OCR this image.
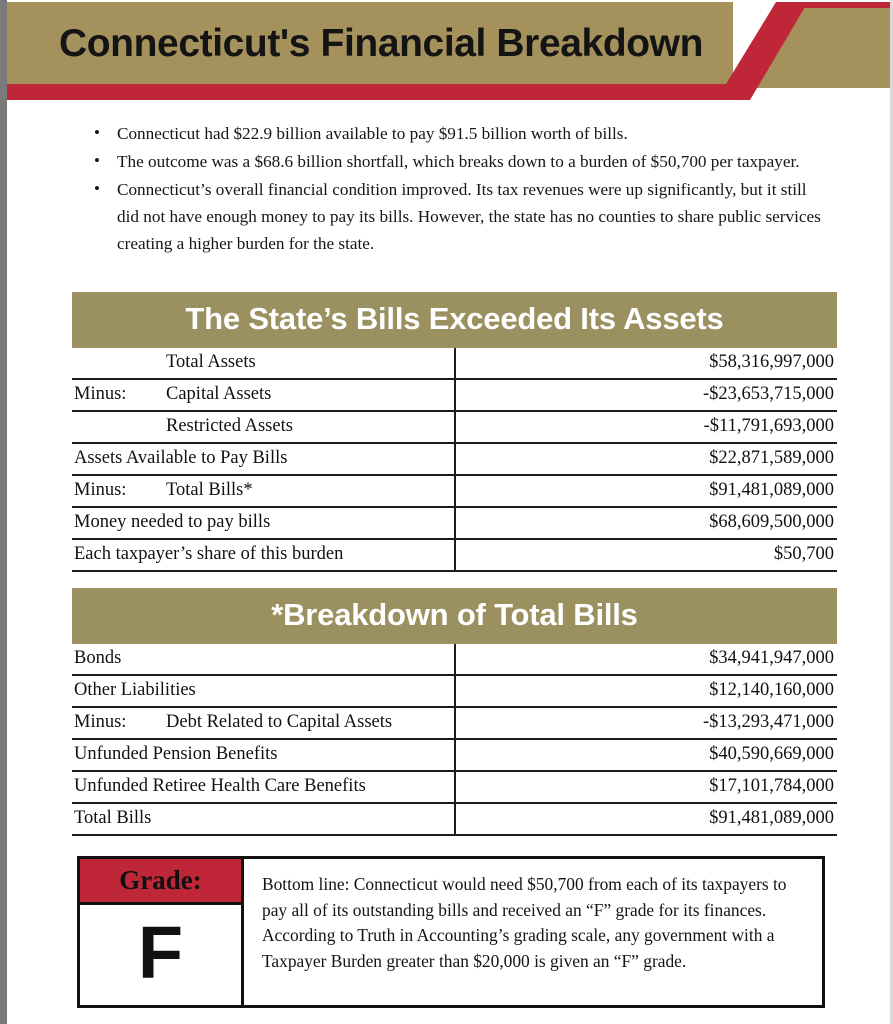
Connecticut's Financial Breakdown
• Connecticut had $22.9 billion available to pay $91.5 billion worth of bills.
• The outcome was a $68.6 billion shortfall, which breaks down to a burden of $50,700 per taxpayer.
• Connecticut’s overall financial condition improved. Its tax revenues were up significantly, but it still did not have enough money to pay its bills. However, the state has no counties to share public services creating a higher burden for the state.
The State’s Bills Exceeded Its Assets	
Total Assets	$58,316,997,000
Minus: Capital Assets	-$23,653,715,000
Restricted Assets	-$11,791,693,000
Assets Available to Pay Bills	$22,871,589,000
Minus: Total Bills*	$91,481,089,000
Money needed to pay bills	$68,609,500,000
Each taxpayer’s share of this burden	$50,700
*Breakdown of Total Bills	
Bonds	$34,941,947,000
Other Liabilities	$12,140,160,000
Minus: Debt Related to Capital Assets	-$13,293,471,000
Unfunded Pension Benefits	$40,590,669,000
Unfunded Retiree Health Care Benefits	$17,101,784,000
Total Bills	$91,481,089,000
Grade:
F
Bottom line: Connecticut would need $50,700 from each of its taxpayers to pay all of its outstanding bills and received an “F” grade for its finances. According to Truth in Accounting’s grading scale, any government with a Taxpayer Burden greater than $20,000 is given an “F” grade.
